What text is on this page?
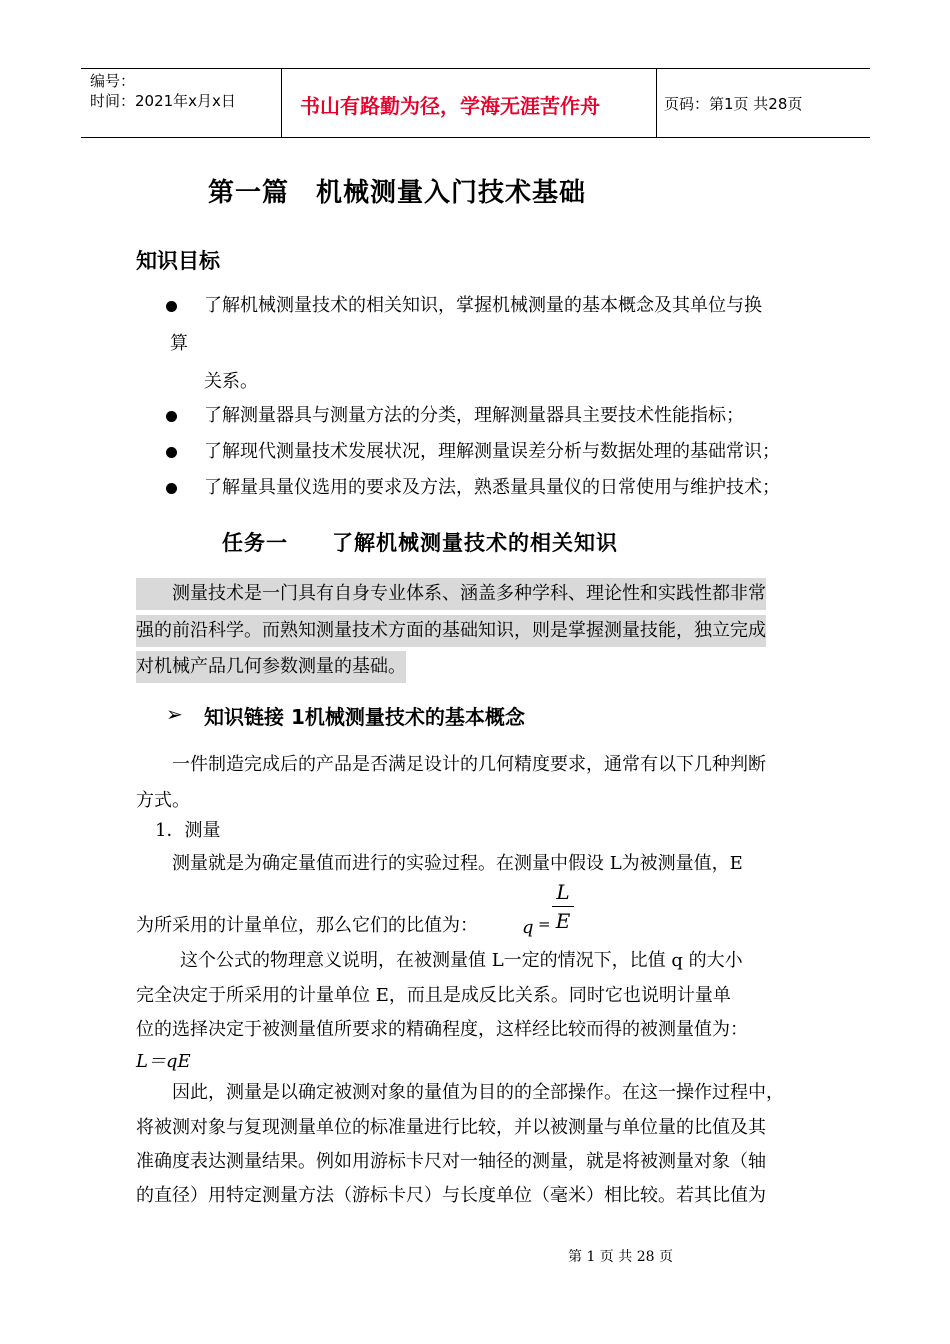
编号：
时间：2021年x月x日	书山有路勤为径，学海无涯苦作舟	页码：第1页 共28页
第一篇　机械测量入门技术基础
知识目标
了解机械测量技术的相关知识，掌握机械测量的基本概念及其单位与换
算
关系。
了解测量器具与测量方法的分类，理解测量器具主要技术性能指标；
了解现代测量技术发展状况，理解测量误差分析与数据处理的基础常识；
了解量具量仪选用的要求及方法，熟悉量具量仪的日常使用与维护技术；
任务一　　了解机械测量技术的相关知识
测量技术是一门具有自身专业体系、涵盖多种学科、理论性和实践性都非常
强的前沿科学。而熟知测量技术方面的基础知识，则是掌握测量技能，独立完成
对机械产品几何参数测量的基础。
➢ 知识链接 1机械测量技术的基本概念
一件制造完成后的产品是否满足设计的几何精度要求，通常有以下几种判断
方式。
1．测量
测量就是为确定量值而进行的实验过程。在测量中假设 L为被测量值，E
为所采用的计量单位，那么它们的比值为： q =
L
E
这个公式的物理意义说明，在被测量值 L一定的情况下，比值 q 的大小
完全决定于所采用的计量单位 E，而且是成反比关系。同时它也说明计量单
位的选择决定于被测量值所要求的精确程度，这样经比较而得的被测量值为：
L＝qE
因此，测量是以确定被测对象的量值为目的的全部操作。在这一操作过程中，
将被测对象与复现测量单位的标准量进行比较，并以被测量与单位量的比值及其
准确度表达测量结果。例如用游标卡尺对一轴径的测量，就是将被测量对象（轴
的直径）用特定测量方法（游标卡尺）与长度单位（毫米）相比较。若其比值为
第 1 页 共 28 页
